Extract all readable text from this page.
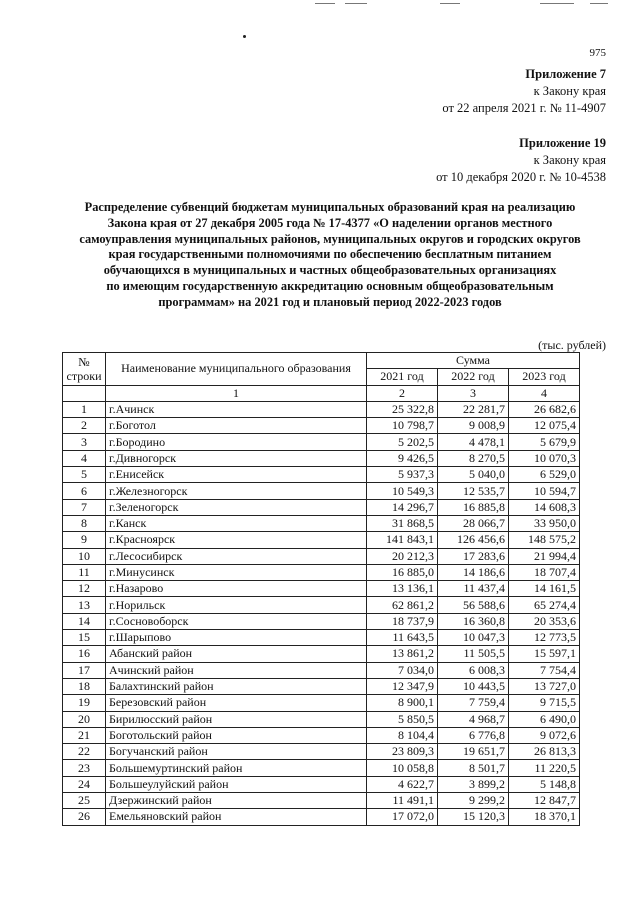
975
Приложение 7
к Закону края
от 22 апреля 2021 г. № 11-4907
Приложение 19
к Закону края
от 10 декабря 2020 г. № 10-4538
Распределение субвенций бюджетам муниципальных образований края на реализацию
Закона края от 27 декабря 2005 года № 17-4377 «О наделении органов местного
самоуправления муниципальных районов, муниципальных округов и городских округов
края государственными полномочиями по обеспечению бесплатным питанием
обучающихся в муниципальных и частных общеобразовательных организациях
по имеющим государственную аккредитацию основным общеобразовательным
программам» на 2021 год и плановый период 2022-2023 годов
(тыс. рублей)
№ строки	Наименование муниципального образования	Сумма		
		2021 год	2022 год	2023 год
	1	2	3	4
1	г.Ачинск	25 322,8	22 281,7	26 682,6
2	г.Боготол	10 798,7	9 008,9	12 075,4
3	г.Бородино	5 202,5	4 478,1	5 679,9
4	г.Дивногорск	9 426,5	8 270,5	10 070,3
5	г.Енисейск	5 937,3	5 040,0	6 529,0
6	г.Железногорск	10 549,3	12 535,7	10 594,7
7	г.Зеленогорск	14 296,7	16 885,8	14 608,3
8	г.Канск	31 868,5	28 066,7	33 950,0
9	г.Красноярск	141 843,1	126 456,6	148 575,2
10	г.Лесосибирск	20 212,3	17 283,6	21 994,4
11	г.Минусинск	16 885,0	14 186,6	18 707,4
12	г.Назарово	13 136,1	11 437,4	14 161,5
13	г.Норильск	62 861,2	56 588,6	65 274,4
14	г.Сосновоборск	18 737,9	16 360,8	20 353,6
15	г.Шарыпово	11 643,5	10 047,3	12 773,5
16	Абанский район	13 861,2	11 505,5	15 597,1
17	Ачинский район	7 034,0	6 008,3	7 754,4
18	Балахтинский район	12 347,9	10 443,5	13 727,0
19	Березовский район	8 900,1	7 759,4	9 715,5
20	Бирилюсский район	5 850,5	4 968,7	6 490,0
21	Боготольский район	8 104,4	6 776,8	9 072,6
22	Богучанский район	23 809,3	19 651,7	26 813,3
23	Большемуртинский район	10 058,8	8 501,7	11 220,5
24	Большеулуйский район	4 622,7	3 899,2	5 148,8
25	Дзержинский район	11 491,1	9 299,2	12 847,7
26	Емельяновский район	17 072,0	15 120,3	18 370,1
